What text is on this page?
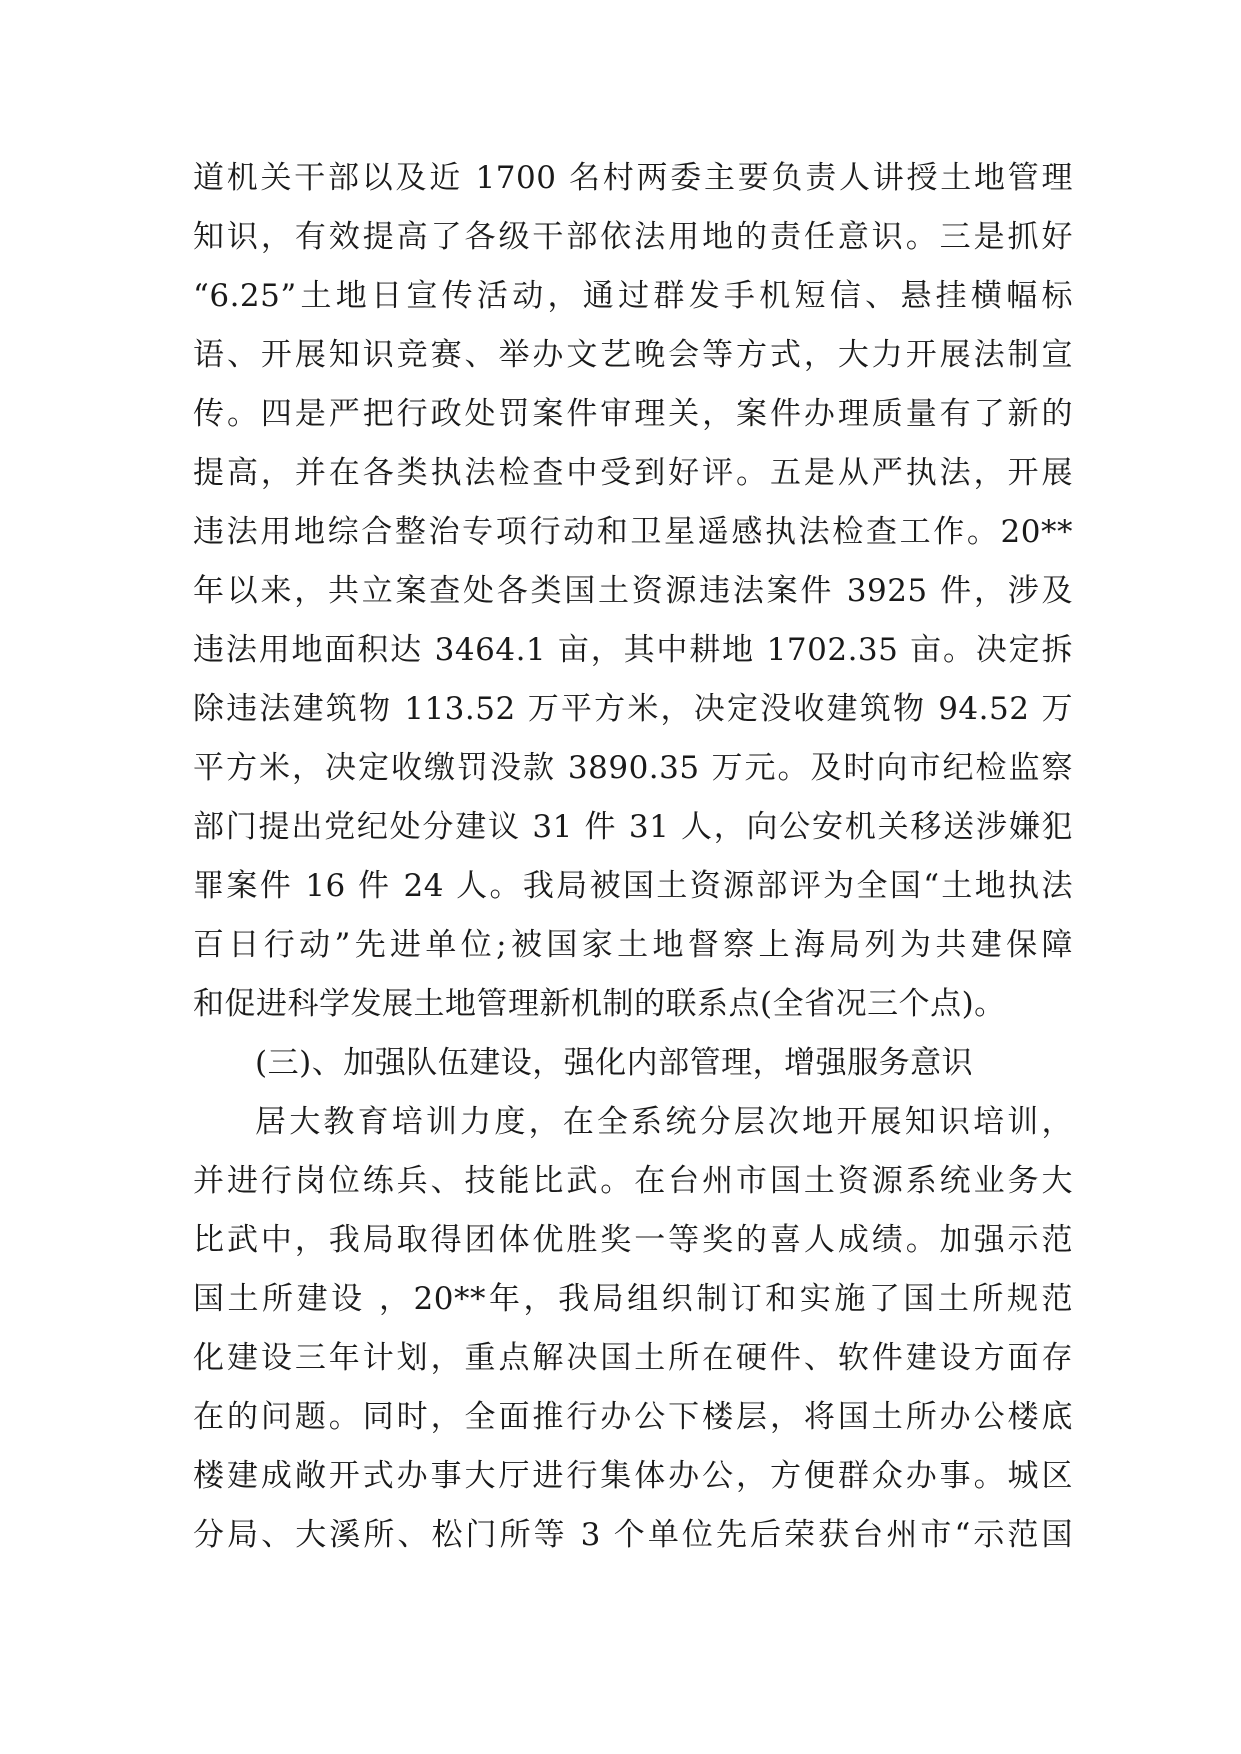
道机关干部以及近 1700 名村两委主要负责人讲授土地管理
知识，有效提高了各级干部依法用地的责任意识。三是抓好
“6.25”土地日宣传活动，通过群发手机短信、悬挂横幅标
语、开展知识竞赛、举办文艺晚会等方式，大力开展法制宣
传。四是严把行政处罚案件审理关，案件办理质量有了新的
提高，并在各类执法检查中受到好评。五是从严执法，开展
违法用地综合整治专项行动和卫星遥感执法检查工作。20**
年以来，共立案查处各类国土资源违法案件 3925 件，涉及
违法用地面积达 3464.1 亩，其中耕地 1702.35 亩。决定拆
除违法建筑物 113.52 万平方米，决定没收建筑物 94.52 万
平方米，决定收缴罚没款 3890.35 万元。及时向市纪检监察
部门提出党纪处分建议 31 件 31 人，向公安机关移送涉嫌犯
罪案件 16 件 24 人。我局被国土资源部评为全国“土地执法
百日行动”先进单位;被国家土地督察上海局列为共建保障
和促进科学发展土地管理新机制的联系点(全省况三个点)。
(三)、加强队伍建设，强化内部管理，增强服务意识
居大教育培训力度，在全系统分层次地开展知识培训，
并进行岗位练兵、技能比武。在台州市国土资源系统业务大
比武中，我局取得团体优胜奖一等奖的喜人成绩。加强示范
国土所建设 ，20**年，我局组织制订和实施了国土所规范
化建设三年计划，重点解决国土所在硬件、软件建设方面存
在的问题。同时，全面推行办公下楼层，将国土所办公楼底
楼建成敞开式办事大厅进行集体办公，方便群众办事。城区
分局、大溪所、松门所等 3 个单位先后荣获台州市“示范国
